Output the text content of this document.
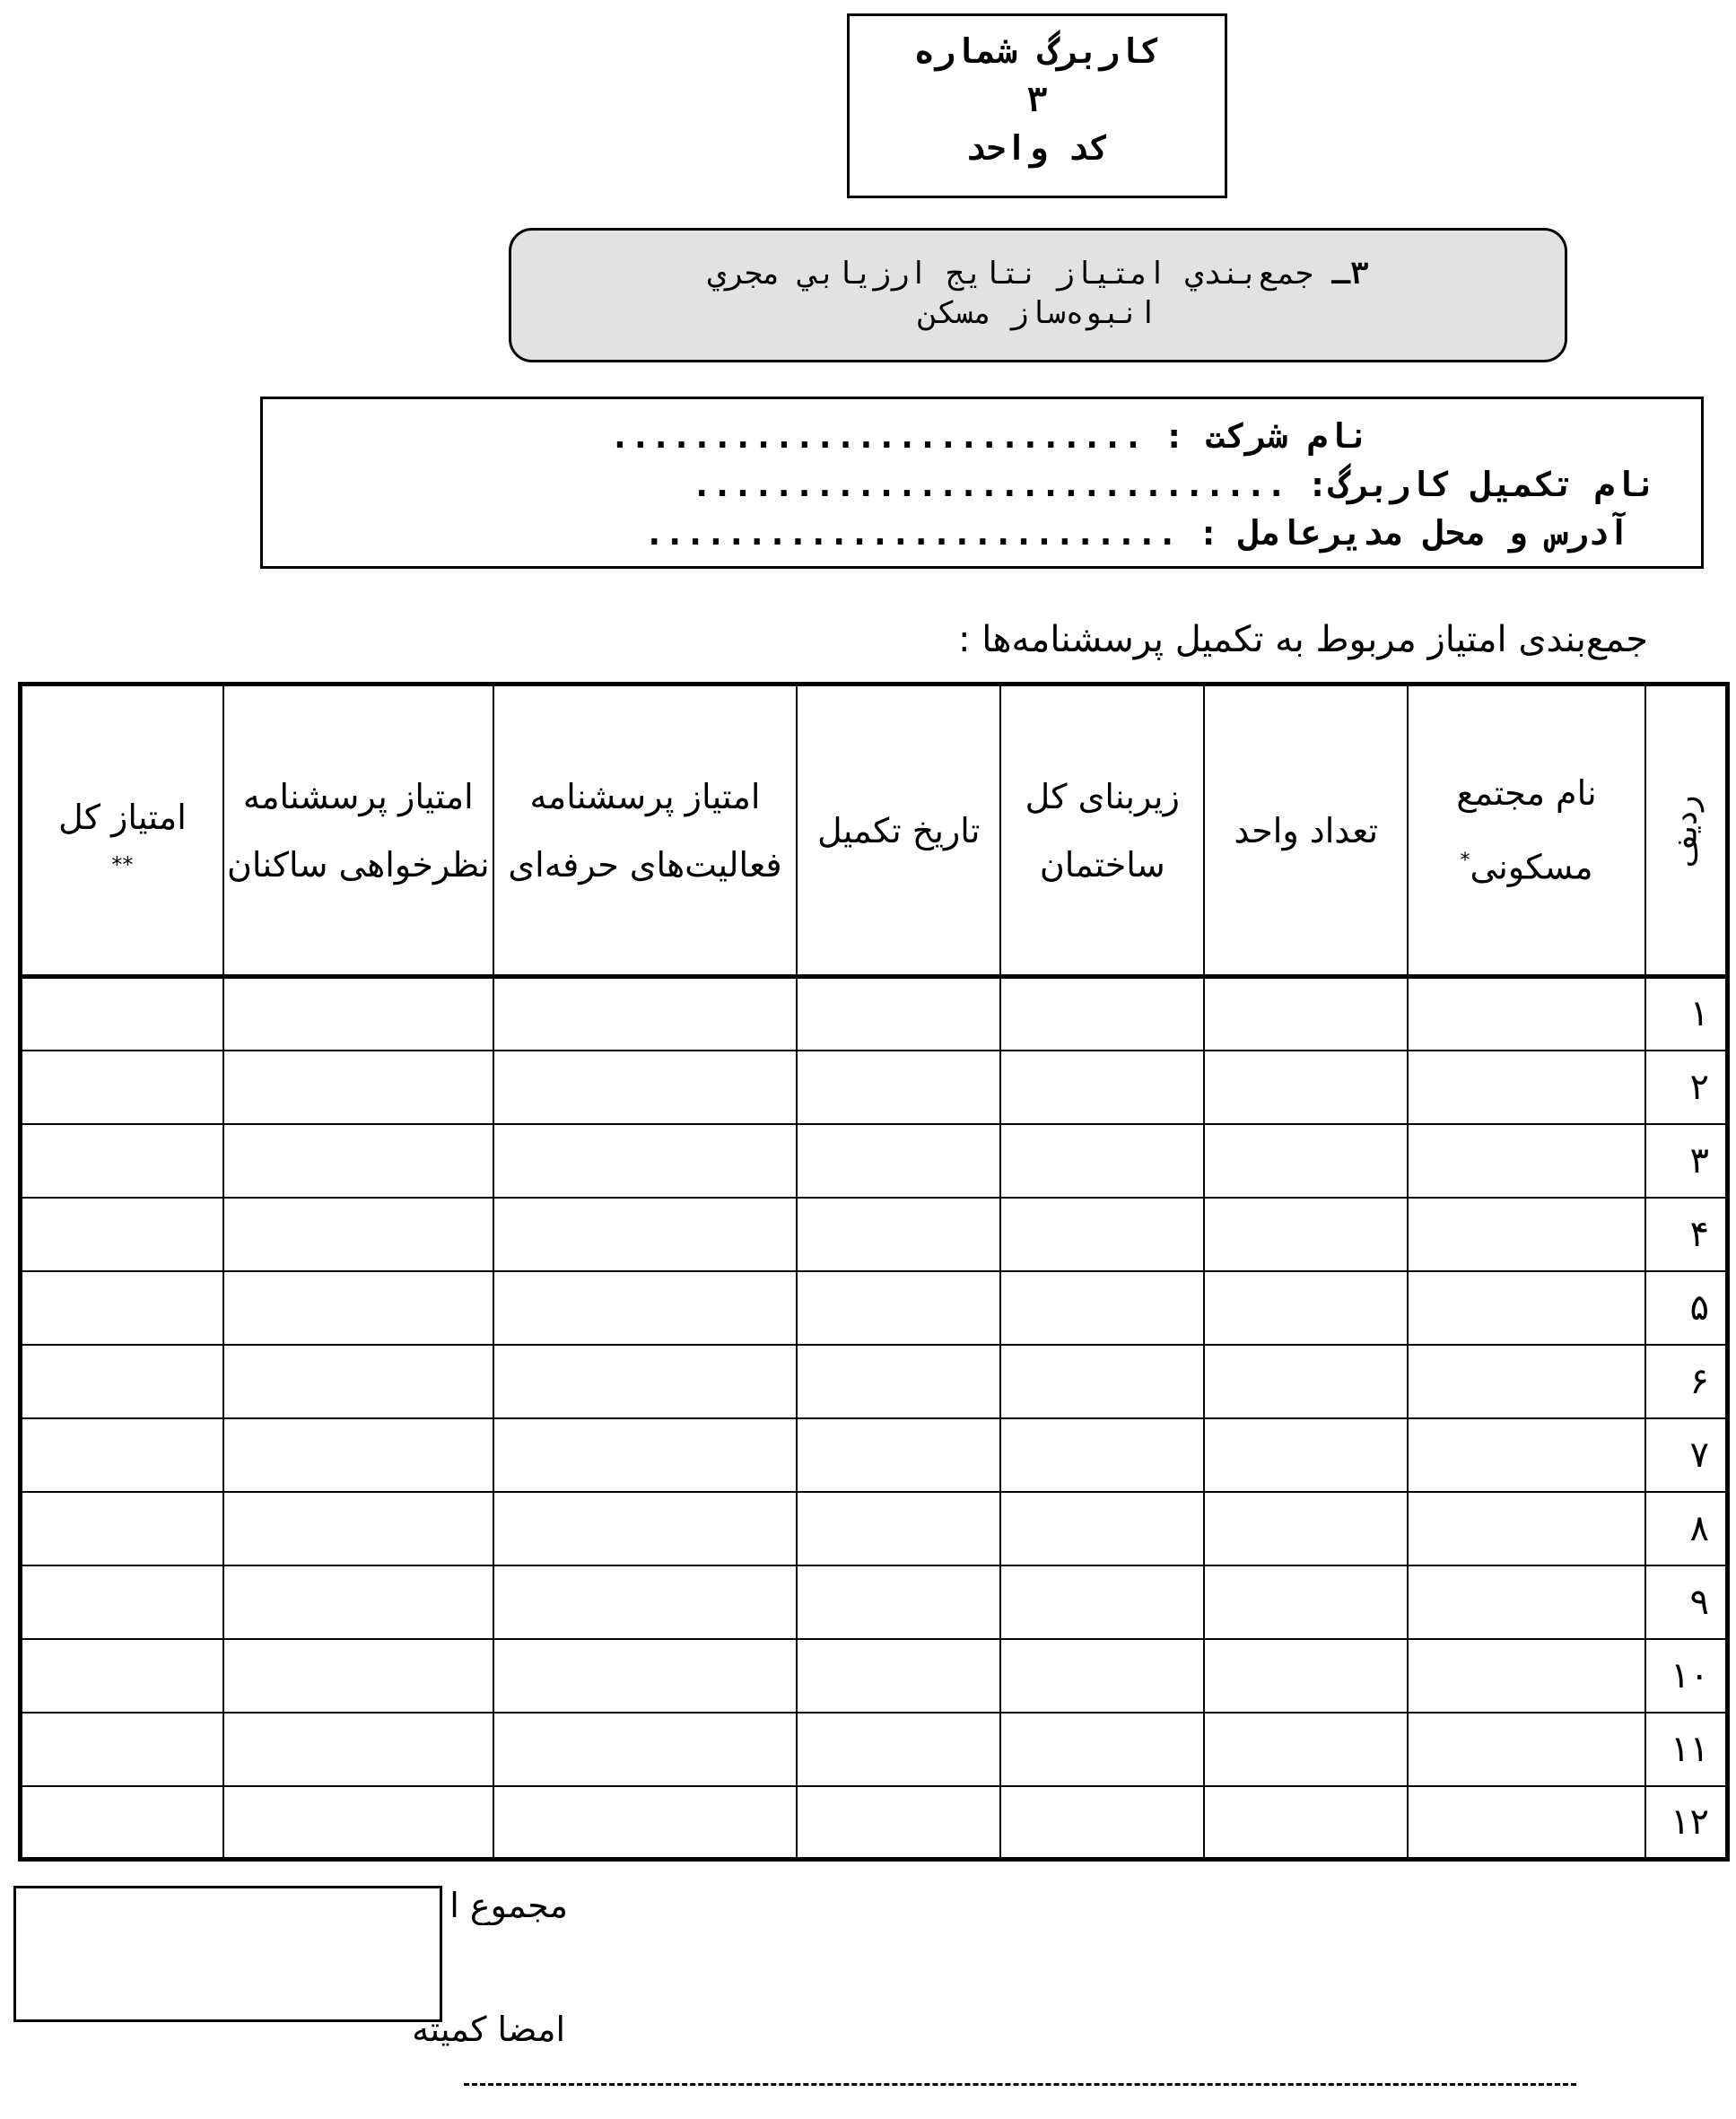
کاربرگ شماره
۳
کد واحد
۳ـ جمع‌بندي امتياز نتايج ارزيابي مجري
انبوه‌ساز مسكن
نام شركت : ..........................
نام تكميل كاربرگ: .............................
آدرس و محل مديرعامل : ..........................
جمع‌بندی امتیاز مربوط به تکمیل پرسشنامه‌ها :
ردیف	نام مجتمع مسکونی*	تعداد واحد	زیربنای کل ساختمان	تاریخ تکمیل	امتیاز پرسشنامه فعالیت‌های حرفه‌ای	امتیاز پرسشنامه نظرخواهی ساکنان	امتیاز کل
**

۱							
۲							
۳							
۴							
۵							
۶							
۷							
۸							
۹							
۱۰							
۱۱							
۱۲							
مجموع ا
امضا کمیته
